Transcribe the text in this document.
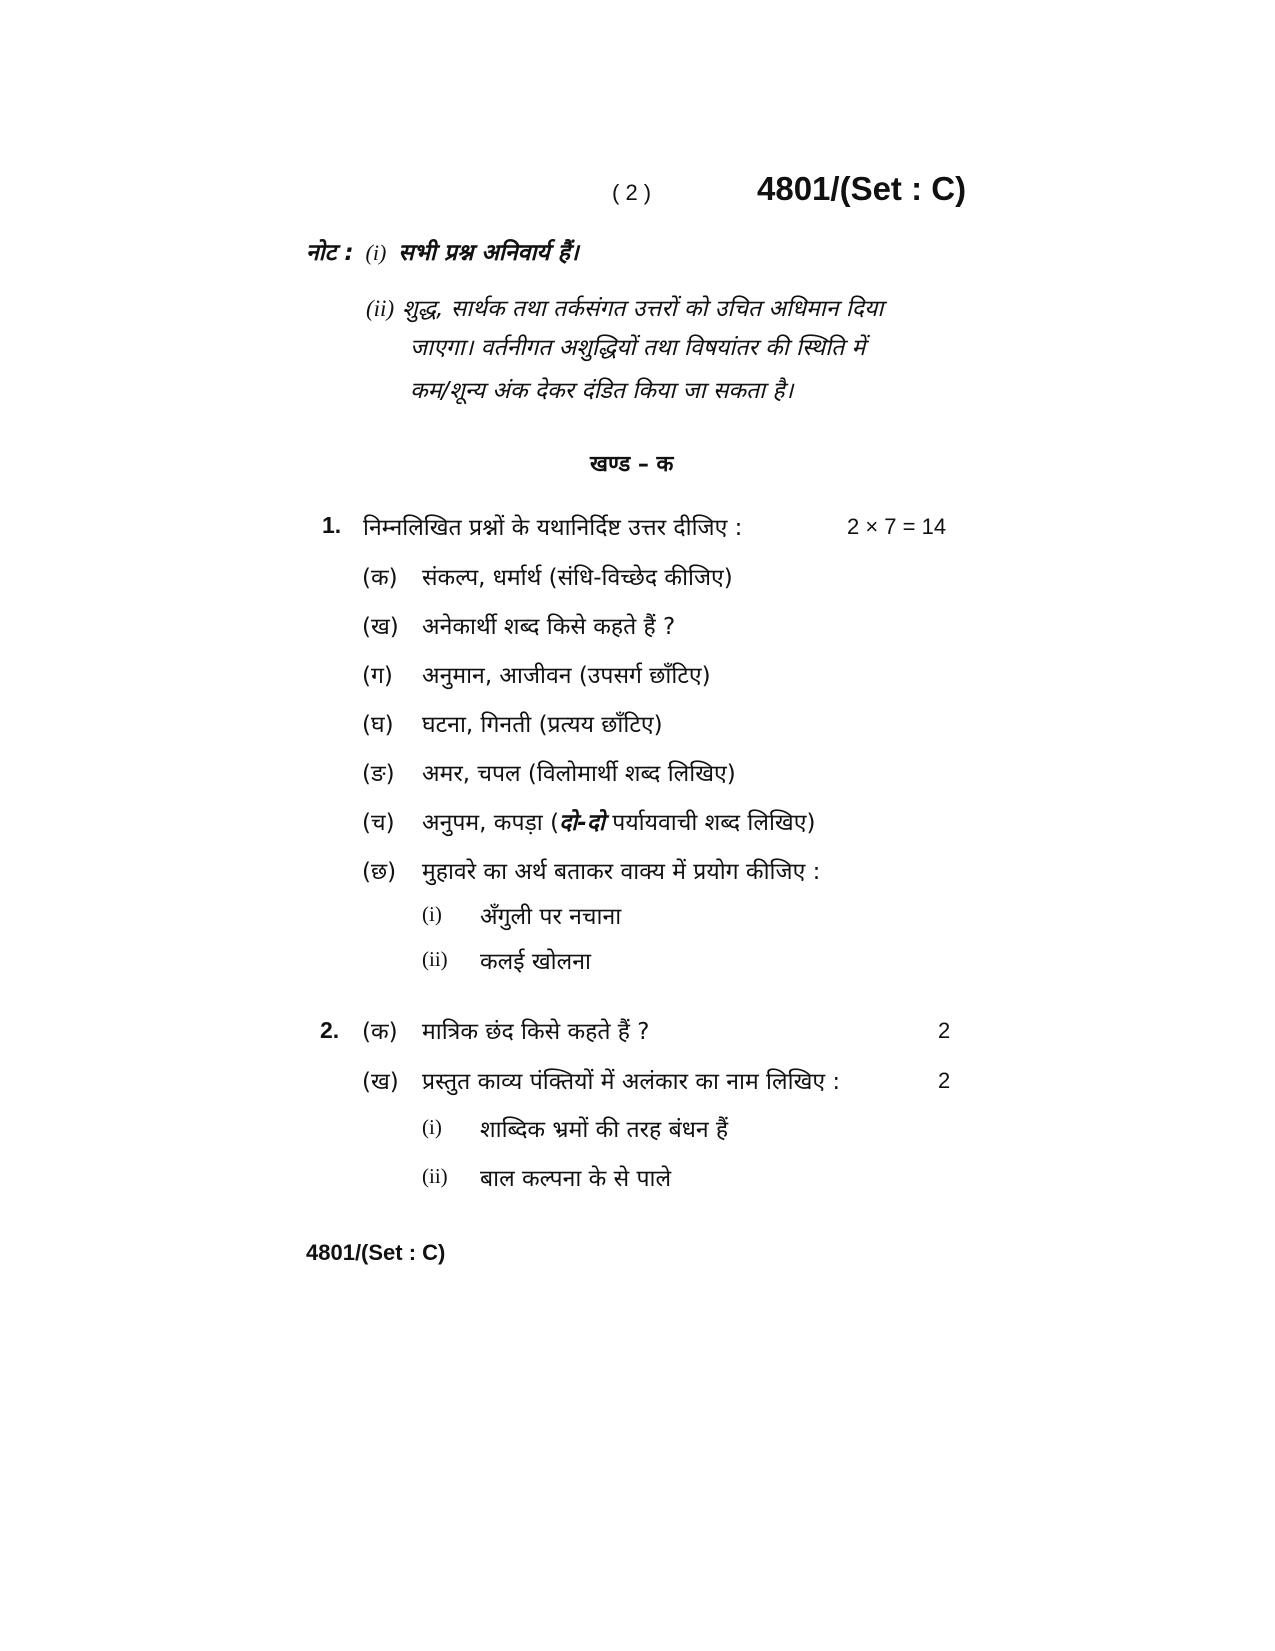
( 2 )	4801/(Set : C)
नोट : (i) सभी प्रश्न अनिवार्य हैं।
(ii) शुद्ध, सार्थक तथा तर्कसंगत उत्तरों को उचित अधिमान दिया
जाएगा। वर्तनीगत अशुद्धियों तथा विषयांतर की स्थिति में
कम/शून्य अंक देकर दंडित किया जा सकता है।
खण्ड – क
1. निम्नलिखित प्रश्नों के यथानिर्दिष्ट उत्तर दीजिए :	2 × 7 = 14
(क) संकल्प, धर्मार्थ (संधि-विच्छेद कीजिए)
(ख) अनेकार्थी शब्द किसे कहते हैं ?
(ग) अनुमान, आजीवन (उपसर्ग छाँटिए)
(घ) घटना, गिनती (प्रत्यय छाँटिए)
(ङ) अमर, चपल (विलोमार्थी शब्द लिखिए)
(च) अनुपम, कपड़ा (दो-दो पर्यायवाची शब्द लिखिए)
(छ) मुहावरे का अर्थ बताकर वाक्य में प्रयोग कीजिए :
(i) अँगुली पर नचाना
(ii) कलई खोलना
2. (क) मात्रिक छंद किसे कहते हैं ?	2
(ख) प्रस्तुत काव्य पंक्तियों में अलंकार का नाम लिखिए :	2
(i) शाब्दिक भ्रमों की तरह बंधन हैं
(ii) बाल कल्पना के से पाले
4801/(Set : C)
